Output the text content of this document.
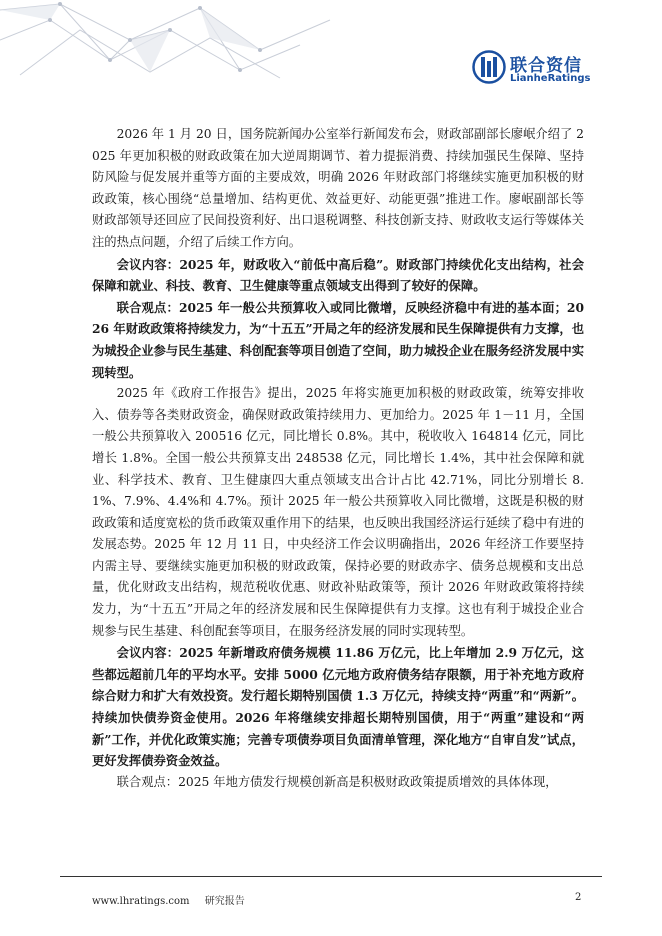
联合资信
LianheRatings

2026 年 1 月 20 日，国务院新闻办公室举行新闻发布会，财政部副部长廖岷介绍了 2025 年更加积极的财政政策在加大逆周期调节、着力提振消费、持续加强民生保障、坚持防风险与促发展并重等方面的主要成效，明确 2026 年财政部门将继续实施更加积极的财政政策，核心围绕“总量增加、结构更优、效益更好、动能更强”推进工作。廖岷副部长等财政部领导还回应了民间投资利好、出口退税调整、科技创新支持、财政收支运行等媒体关注的热点问题，介绍了后续工作方向。

会议内容：2025 年，财政收入“前低中高后稳”。财政部门持续优化支出结构，社会保障和就业、科技、教育、卫生健康等重点领域支出得到了较好的保障。

联合观点：2025 年一般公共预算收入或同比微增，反映经济稳中有进的基本面；2026 年财政政策将持续发力，为“十五五”开局之年的经济发展和民生保障提供有力支撑，也为城投企业参与民生基建、科创配套等项目创造了空间，助力城投企业在服务经济发展中实现转型。

2025 年《政府工作报告》提出，2025 年将实施更加积极的财政政策，统筹安排收入、债券等各类财政资金，确保财政政策持续用力、更加给力。2025 年 1－11 月，全国一般公共预算收入 200516 亿元，同比增长 0.8%。其中，税收收入 164814 亿元，同比增长 1.8%。全国一般公共预算支出 248538 亿元，同比增长 1.4%，其中社会保障和就业、科学技术、教育、卫生健康四大重点领域支出合计占比 42.71%，同比分别增长 8.1%、7.9%、4.4%和 4.7%。预计 2025 年一般公共预算收入同比微增，这既是积极的财政政策和适度宽松的货币政策双重作用下的结果，也反映出我国经济运行延续了稳中有进的发展态势。2025 年 12 月 11 日，中央经济工作会议明确指出，2026 年经济工作要坚持内需主导、要继续实施更加积极的财政政策，保持必要的财政赤字、债务总规模和支出总量，优化财政支出结构，规范税收优惠、财政补贴政策等，预计 2026 年财政政策将持续发力，为“十五五”开局之年的经济发展和民生保障提供有力支撑。这也有利于城投企业合规参与民生基建、科创配套等项目，在服务经济发展的同时实现转型。

会议内容：2025 年新增政府债务规模 11.86 万亿元，比上年增加 2.9 万亿元，这些都远超前几年的平均水平。安排 5000 亿元地方政府债务结存限额，用于补充地方政府综合财力和扩大有效投资。发行超长期特别国债 1.3 万亿元，持续支持“两重”和“两新”。持续加快债券资金使用。2026 年将继续安排超长期特别国债，用于“两重”建设和“两新”工作，并优化政策实施；完善专项债券项目负面清单管理，深化地方“自审自发”试点，更好发挥债券资金效益。

联合观点：2025 年地方债发行规模创新高是积极财政政策提质增效的具体体现，

www.lhratings.com 研究报告	2
